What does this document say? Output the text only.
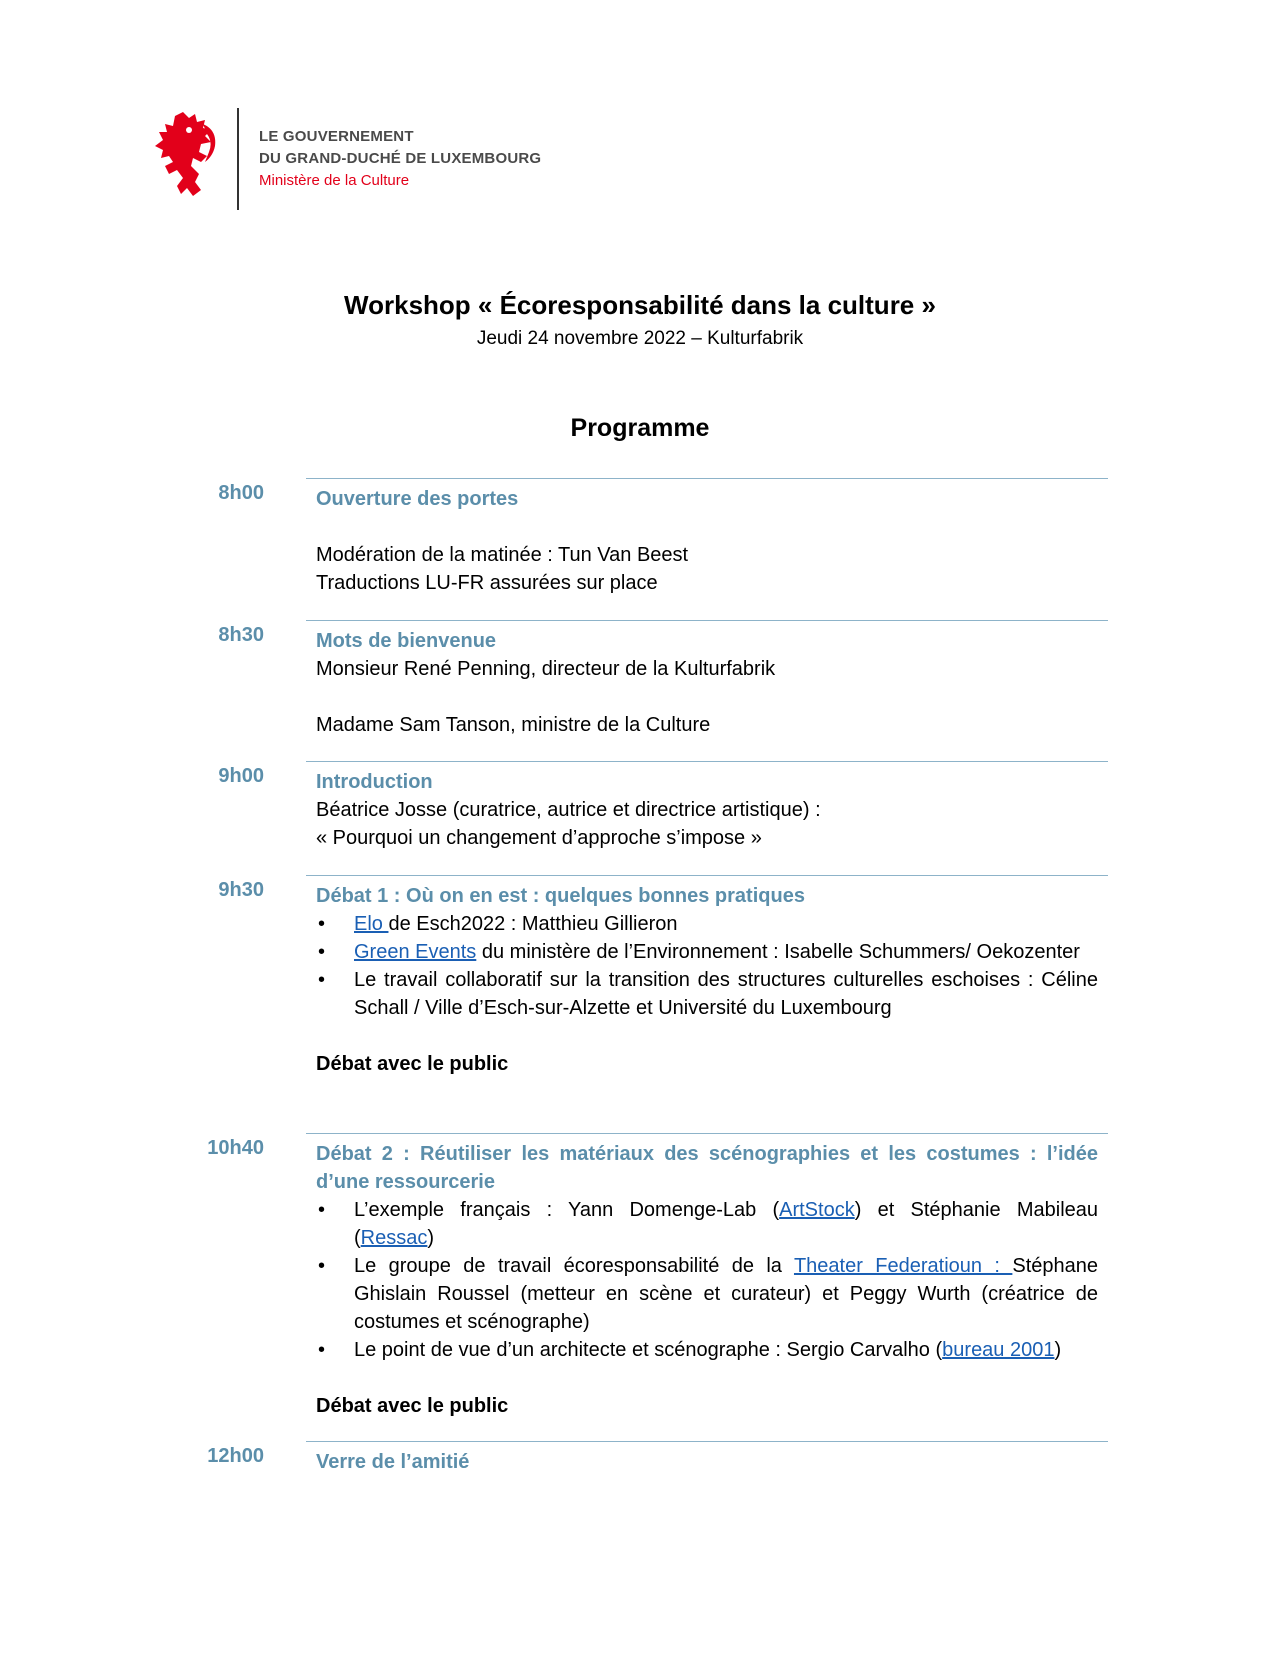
LE GOUVERNEMENT
DU GRAND-DUCHÉ DE LUXEMBOURG
Ministère de la Culture
Workshop « Écoresponsabilité dans la culture »
Jeudi 24 novembre 2022 – Kulturfabrik
Programme
8h00	Ouverture des portes

Modération de la matinée : Tun Van Beest

Traductions LU-FR assurées sur place

8h30	Mots de bienvenue

Monsieur René Penning, directeur de la Kulturfabrik

Madame Sam Tanson, ministre de la Culture

9h00	Introduction

Béatrice Josse (curatrice, autrice et directrice artistique) :

« Pourquoi un changement d’approche s’impose »

9h30	Débat 1 : Où on en est : quelques bonnes pratiques

• Elo de Esch2022 : Matthieu Gillieron
• Green Events du ministère de l’Environnement : Isabelle Schummers/ Oekozenter
• Le travail collaboratif sur la transition des structures culturelles eschoises : Céline Schall / Ville d’Esch-sur-Alzette et Université du Luxembourg

Débat avec le public

10h40	Débat 2 : Réutiliser les matériaux des scénographies et les costumes : l’idée d’une ressourcerie

• L’exemple français : Yann Domenge-Lab (ArtStock) et Stéphanie Mabileau (Ressac)
• Le groupe de travail écoresponsabilité de la Theater Federatioun : Stéphane Ghislain Roussel (metteur en scène et curateur) et Peggy Wurth (créatrice de costumes et scénographe)
• Le point de vue d’un architecte et scénographe : Sergio Carvalho (bureau 2001)

Débat avec le public

12h00	Verre de l’amitié
